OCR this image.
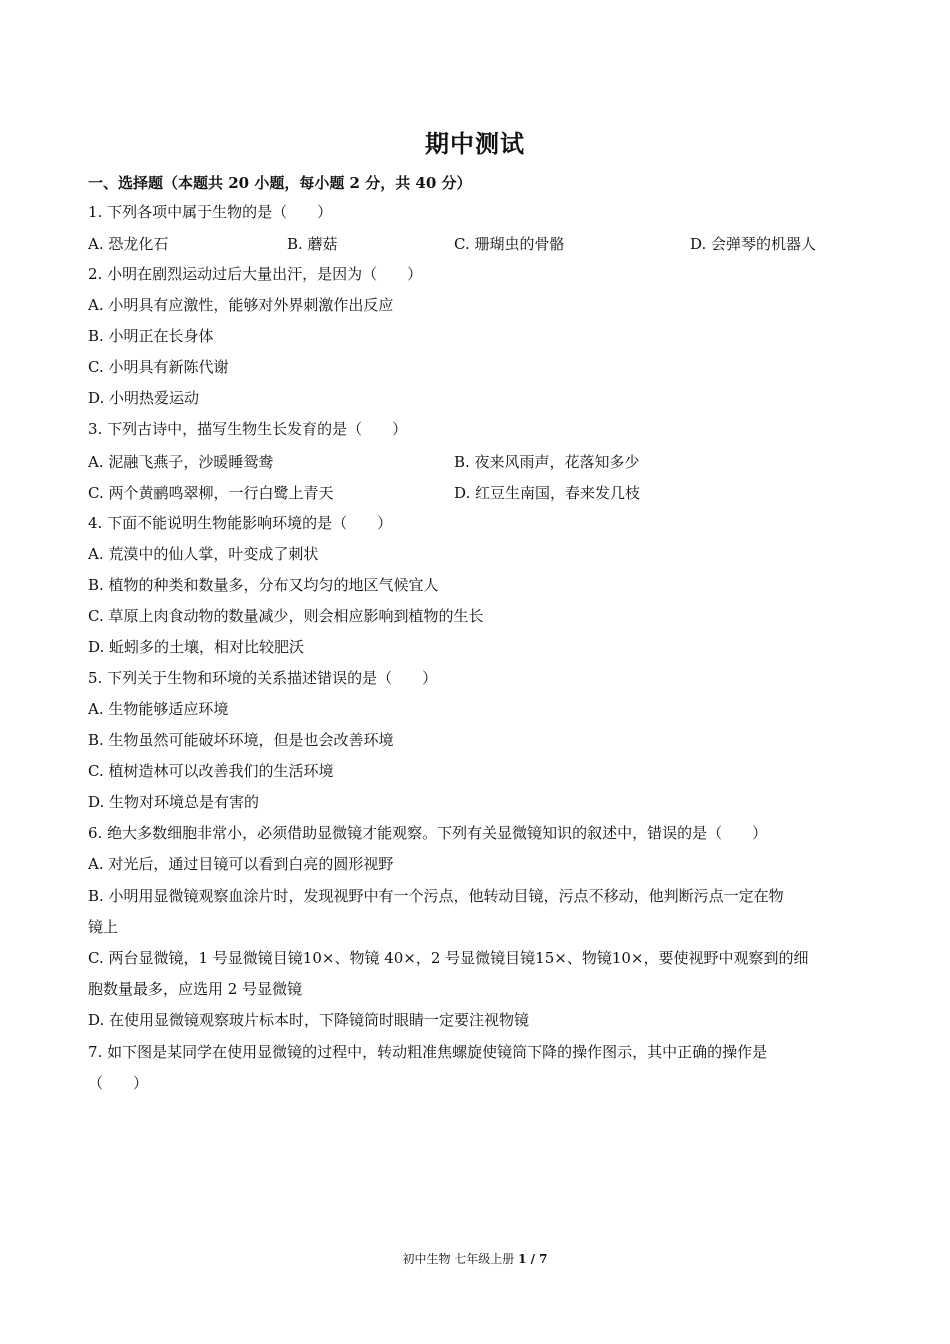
期中测试
一、选择题（本题共 20 小题，每小题 2 分，共 40 分）
1. 下列各项中属于生物的是（　　）
A. 恐龙化石	B. 蘑菇	C. 珊瑚虫的骨骼	D. 会弹琴的机器人
2. 小明在剧烈运动过后大量出汗，是因为（　　）
A. 小明具有应激性，能够对外界刺激作出反应
B. 小明正在长身体
C. 小明具有新陈代谢
D. 小明热爱运动
3. 下列古诗中，描写生物生长发育的是（　　）
A. 泥融飞燕子，沙暖睡鸳鸯	B. 夜来风雨声，花落知多少
C. 两个黄鹂鸣翠柳，一行白鹭上青天	D. 红豆生南国，春来发几枝
4. 下面不能说明生物能影响环境的是（　　）
A. 荒漠中的仙人掌，叶变成了刺状
B. 植物的种类和数量多，分布又均匀的地区气候宜人
C. 草原上肉食动物的数量减少，则会相应影响到植物的生长
D. 蚯蚓多的土壤，相对比较肥沃
5. 下列关于生物和环境的关系描述错误的是（　　）
A. 生物能够适应环境
B. 生物虽然可能破坏环境，但是也会改善环境
C. 植树造林可以改善我们的生活环境
D. 生物对环境总是有害的
6. 绝大多数细胞非常小，必须借助显微镜才能观察。下列有关显微镜知识的叙述中，错误的是（　　）
A. 对光后，通过目镜可以看到白亮的圆形视野
B. 小明用显微镜观察血涂片时，发现视野中有一个污点，他转动目镜，污点不移动，他判断污点一定在物
镜上
C. 两台显微镜，1 号显微镜目镜10×、物镜 40×，2 号显微镜目镜15×、物镜10×，要使视野中观察到的细
胞数量最多，应选用 2 号显微镜
D. 在使用显微镜观察玻片标本时，下降镜筒时眼睛一定要注视物镜
7. 如下图是某同学在使用显微镜的过程中，转动粗准焦螺旋使镜筒下降的操作图示，其中正确的操作是
（　　）
初中生物 七年级上册 1 / 7
